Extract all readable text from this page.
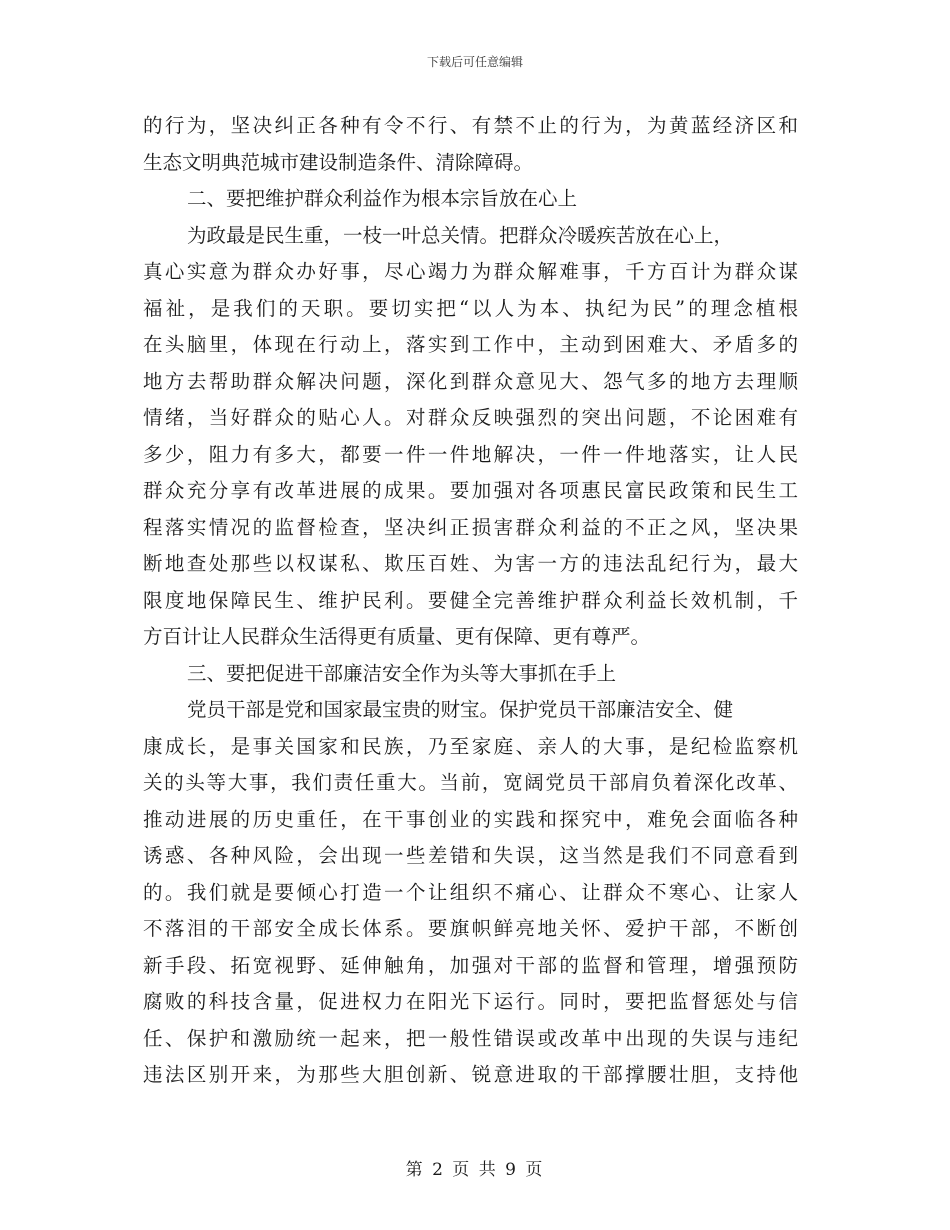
下载后可任意编辑
的行为，坚决纠正各种有令不行、有禁不止的行为，为黄蓝经济区和
生态文明典范城市建设制造条件、清除障碍。
二、要把维护群众利益作为根本宗旨放在心上
为政最是民生重，一枝一叶总关情。把群众冷暖疾苦放在心上，
真心实意为群众办好事，尽心竭力为群众解难事，千方百计为群众谋
福祉，是我们的天职。要切实把“以人为本、执纪为民”的理念植根
在头脑里，体现在行动上，落实到工作中，主动到困难大、矛盾多的
地方去帮助群众解决问题，深化到群众意见大、怨气多的地方去理顺
情绪，当好群众的贴心人。对群众反映强烈的突出问题，不论困难有
多少，阻力有多大，都要一件一件地解决，一件一件地落实，让人民
群众充分享有改革进展的成果。要加强对各项惠民富民政策和民生工
程落实情况的监督检查，坚决纠正损害群众利益的不正之风，坚决果
断地查处那些以权谋私、欺压百姓、为害一方的违法乱纪行为，最大
限度地保障民生、维护民利。要健全完善维护群众利益长效机制，千
方百计让人民群众生活得更有质量、更有保障、更有尊严。
三、要把促进干部廉洁安全作为头等大事抓在手上
党员干部是党和国家最宝贵的财宝。保护党员干部廉洁安全、健
康成长，是事关国家和民族，乃至家庭、亲人的大事，是纪检监察机
关的头等大事，我们责任重大。当前，宽阔党员干部肩负着深化改革、
推动进展的历史重任，在干事创业的实践和探究中，难免会面临各种
诱惑、各种风险，会出现一些差错和失误，这当然是我们不同意看到
的。我们就是要倾心打造一个让组织不痛心、让群众不寒心、让家人
不落泪的干部安全成长体系。要旗帜鲜亮地关怀、爱护干部，不断创
新手段、拓宽视野、延伸触角，加强对干部的监督和管理，增强预防
腐败的科技含量，促进权力在阳光下运行。同时，要把监督惩处与信
任、保护和激励统一起来，把一般性错误或改革中出现的失误与违纪
违法区别开来，为那些大胆创新、锐意进取的干部撑腰壮胆，支持他
第 2 页 共 9 页
